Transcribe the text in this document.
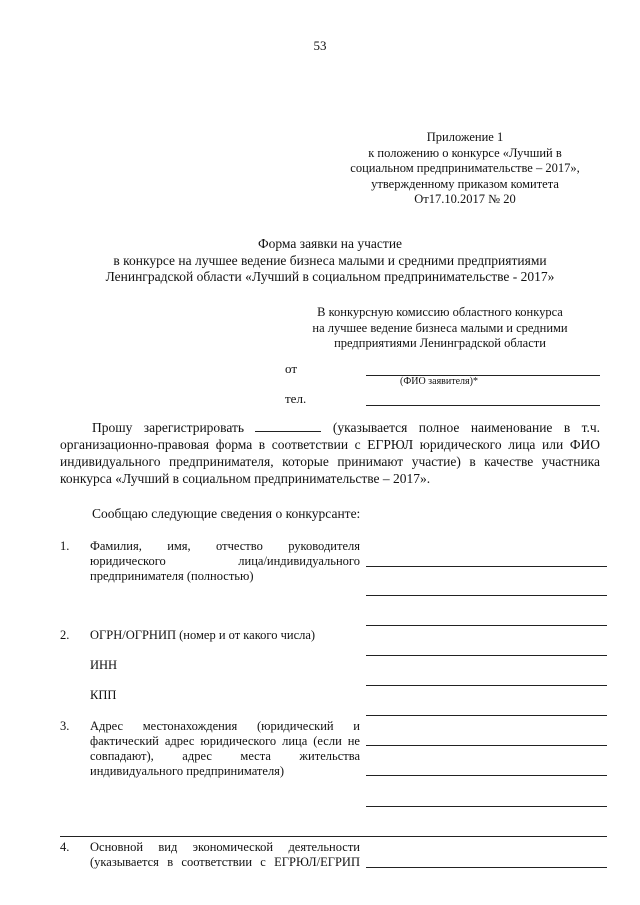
53
Приложение 1
к положению о конкурсе «Лучший в
социальном предпринимательстве – 2017»,
утвержденному приказом комитета
От17.10.2017 № 20
Форма заявки на участие
в конкурсе на лучшее ведение бизнеса малыми и средними предприятиями
Ленинградской области «Лучший в социальном предпринимательстве - 2017»
В конкурсную комиссию областного конкурса
на лучшее ведение бизнеса малыми и средними
предприятиями Ленинградской области
от
(ФИО заявителя)*
тел.
Прошу зарегистрировать	(указывается полное наименование в т.ч.
организационно-правовая форма в соответствии с ЕГРЮЛ юридического лица или ФИО
индивидуального предпринимателя, которые принимают участие) в качестве участника
конкурса «Лучший в социальном предпринимательстве – 2017».
Сообщаю следующие сведения о конкурсанте:
1. Фамилия, имя, отчество руководителя
юридического лица/индивидуального
предпринимателя (полностью)
2. ОГРН/ОГРНИП (номер и от какого числа)
ИНН
КПП
3. Адрес местонахождения (юридический и
фактический адрес юридического лица (если не
совпадают), адрес места жительства
индивидуального предпринимателя)
4. Основной вид экономической деятельности
(указывается в соответствии с ЕГРЮЛ/ЕГРИП
